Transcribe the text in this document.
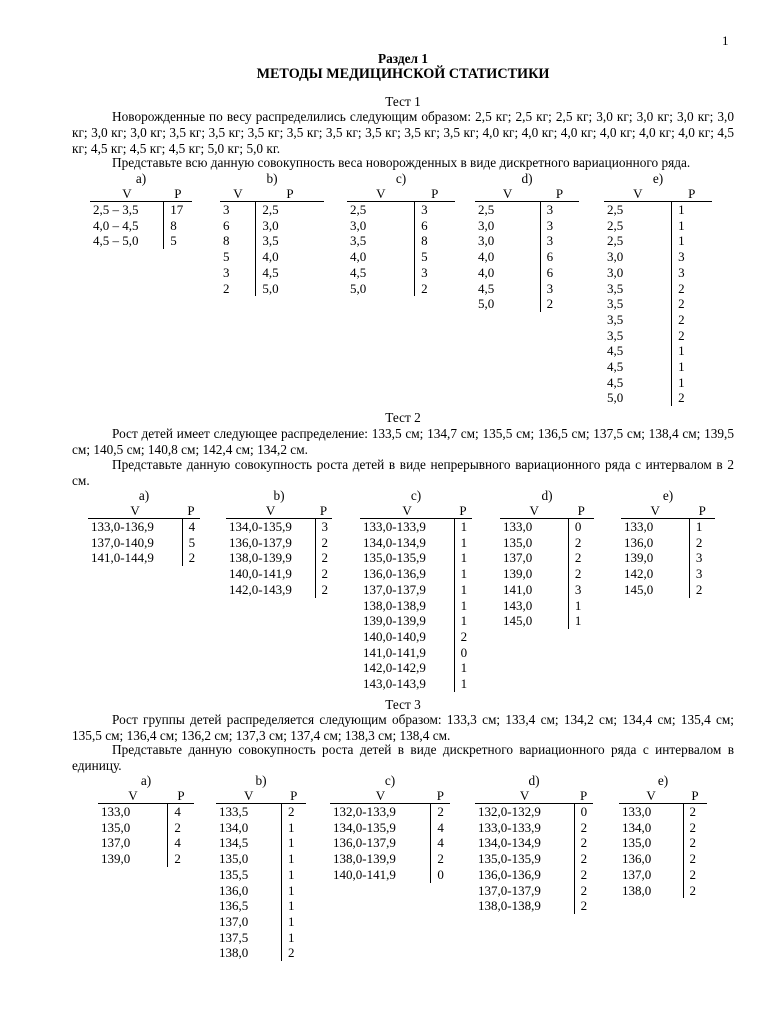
1
Раздел 1
МЕТОДЫ МЕДИЦИНСКОЙ СТАТИСТИКИ
Тест 1

Новорожденные по весу распределились следующим образом: 2,5 кг; 2,5 кг; 2,5 кг; 3,0 кг; 3,0 кг; 3,0 кг; 3,0 кг; 3,0 кг; 3,0 кг; 3,5 кг; 3,5 кг; 3,5 кг; 3,5 кг; 3,5 кг; 3,5 кг; 3,5 кг; 3,5 кг; 4,0 кг; 4,0 кг; 4,0 кг; 4,0 кг; 4,0 кг; 4,0 кг; 4,5 кг; 4,5 кг; 4,5 кг; 4,5 кг; 5,0 кг; 5,0 кг.

Представьте всю данную совокупность веса новорожденных в виде дискретного вариационного ряда.

a)
V	P
2,5 – 3,5	17
4,0 – 4,5	8
4,5 – 5,0	5
b)
V	P
3	2,5
6	3,0
8	3,5
5	4,0
3	4,5
2	5,0
c)
V	P
2,5	3
3,0	6
3,5	8
4,0	5
4,5	3
5,0	2
d)
V	P
2,5	3
3,0	3
3,0	3
4,0	6
4,0	6
4,5	3
5,0	2
e)
V	P
2,5	1
2,5	1
2,5	1
3,0	3
3,0	3
3,5	2
3,5	2
3,5	2
3,5	2
4,5	1
4,5	1
4,5	1
5,0	2
Тест 2

Рост детей имеет следующее распределение: 133,5 см; 134,7 см; 135,5 см; 136,5 см; 137,5 см; 138,4 см; 139,5 см; 140,5 см; 140,8 см; 142,4 см; 134,2 см.

Представьте данную совокупность роста детей в виде непрерывного вариационного ряда с интервалом в 2 см.

a)
V	P
133,0-136,9	4
137,0-140,9	5
141,0-144,9	2
b)
V	P
134,0-135,9	3
136,0-137,9	2
138,0-139,9	2
140,0-141,9	2
142,0-143,9	2
c)
V	P
133,0-133,9	1
134,0-134,9	1
135,0-135,9	1
136,0-136,9	1
137,0-137,9	1
138,0-138,9	1
139,0-139,9	1
140,0-140,9	2
141,0-141,9	0
142,0-142,9	1
143,0-143,9	1
d)
V	P
133,0	0
135,0	2
137,0	2
139,0	2
141,0	3
143,0	1
145,0	1
e)
V	P
133,0	1
136,0	2
139,0	3
142,0	3
145,0	2
Тест 3

Рост группы детей распределяется следующим образом: 133,3 см; 133,4 см; 134,2 см; 134,4 см; 135,4 см; 135,5 см; 136,4 см; 136,2 см; 137,3 см; 137,4 см; 138,3 см; 138,4 см.

Представьте данную совокупность роста детей в виде дискретного вариационного ряда с интервалом в единицу.

a)
V	P
133,0	4
135,0	2
137,0	4
139,0	2
b)
V	P
133,5	2
134,0	1
134,5	1
135,0	1
135,5	1
136,0	1
136,5	1
137,0	1
137,5	1
138,0	2
c)
V	P
132,0-133,9	2
134,0-135,9	4
136,0-137,9	4
138,0-139,9	2
140,0-141,9	0
d)
V	P
132,0-132,9	0
133,0-133,9	2
134,0-134,9	2
135,0-135,9	2
136,0-136,9	2
137,0-137,9	2
138,0-138,9	2
e)
V	P
133,0	2
134,0	2
135,0	2
136,0	2
137,0	2
138,0	2
